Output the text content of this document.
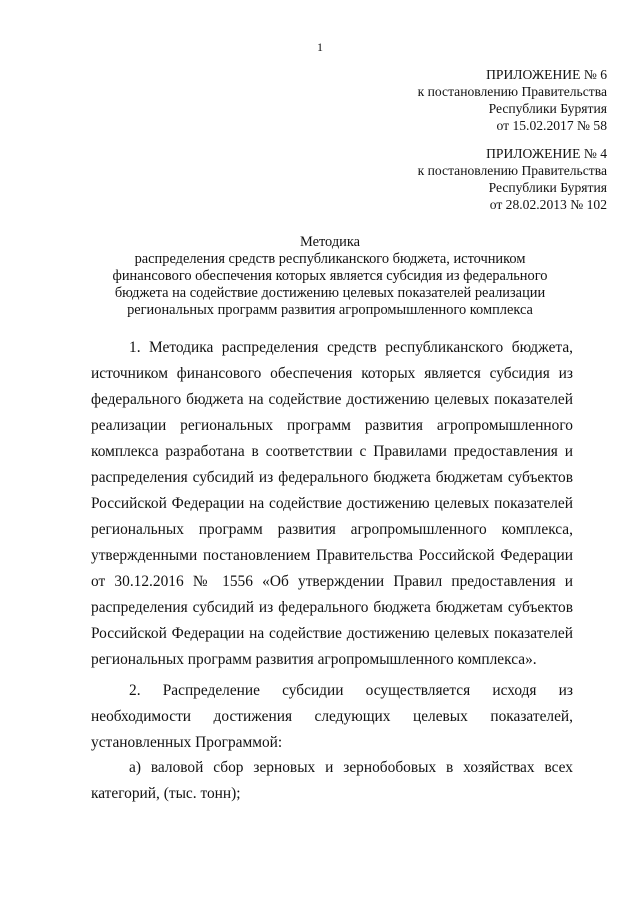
1
ПРИЛОЖЕНИЕ № 6
к постановлению Правительства
Республики Бурятия
от 15.02.2017 № 58
ПРИЛОЖЕНИЕ № 4
к постановлению Правительства
Республики Бурятия
от 28.02.2013 № 102
Методика
распределения средств республиканского бюджета, источником
финансового обеспечения которых является субсидия из федерального
бюджета на содействие достижению целевых показателей реализации
региональных программ развития агропромышленного комплекса
1. Методика распределения средств республиканского бюджета,
источником финансового обеспечения которых является субсидия из
федерального бюджета на содействие достижению целевых показателей
реализации региональных программ развития агропромышленного
комплекса разработана в соответствии с Правилами предоставления и
распределения субсидий из федерального бюджета бюджетам субъектов
Российской Федерации на содействие достижению целевых показателей
региональных программ развития агропромышленного комплекса,
утвержденными постановлением Правительства Российской Федерации
от 30.12.2016 № 1556 «Об утверждении Правил предоставления и
распределения субсидий из федерального бюджета бюджетам субъектов
Российской Федерации на содействие достижению целевых показателей
региональных программ развития агропромышленного комплекса».
2. Распределение субсидии осуществляется исходя из
необходимости достижения следующих целевых показателей,
установленных Программой:
а) валовой сбор зерновых и зернобобовых в хозяйствах всех
категорий, (тыс. тонн);
